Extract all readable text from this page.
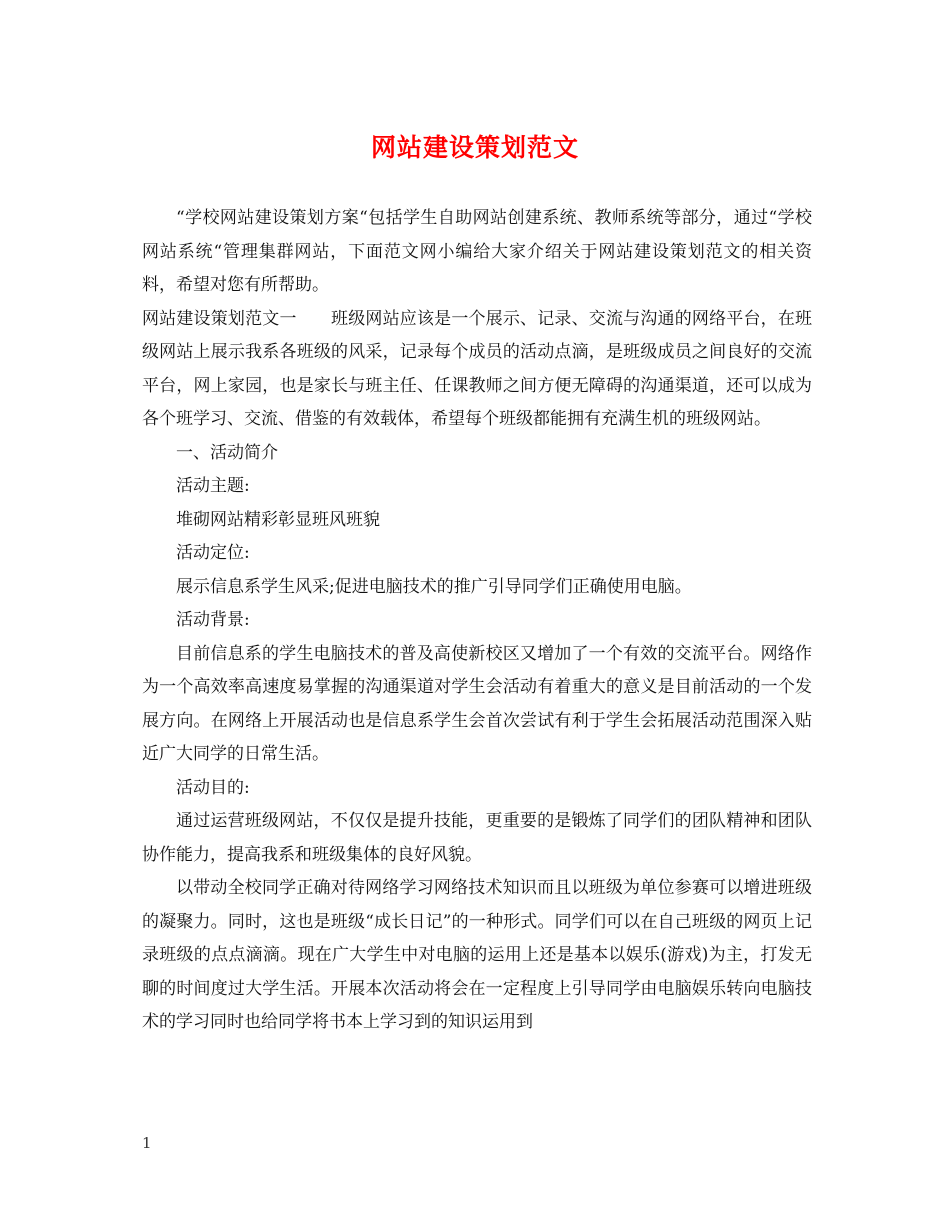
网站建设策划范文

“学校网站建设策划方案“包括学生自助网站创建系统、教师系统等部分，通过“学校网站系统“管理集群网站，下面范文网小编给大家介绍关于网站建设策划范文的相关资料，希望对您有所帮助。

网站建设策划范文一　　班级网站应该是一个展示、记录、交流与沟通的网络平台，在班级网站上展示我系各班级的风采，记录每个成员的活动点滴，是班级成员之间良好的交流平台，网上家园，也是家长与班主任、任课教师之间方便无障碍的沟通渠道，还可以成为各个班学习、交流、借鉴的有效载体，希望每个班级都能拥有充满生机的班级网站。

一、活动简介

活动主题:

堆砌网站精彩彰显班风班貌

活动定位:

展示信息系学生风采;促进电脑技术的推广引导同学们正确使用电脑。

活动背景:

目前信息系的学生电脑技术的普及高使新校区又增加了一个有效的交流平台。网络作为一个高效率高速度易掌握的沟通渠道对学生会活动有着重大的意义是目前活动的一个发展方向。在网络上开展活动也是信息系学生会首次尝试有利于学生会拓展活动范围深入贴近广大同学的日常生活。

活动目的:

通过运营班级网站，不仅仅是提升技能，更重要的是锻炼了同学们的团队精神和团队协作能力，提高我系和班级集体的良好风貌。

以带动全校同学正确对待网络学习网络技术知识而且以班级为单位参赛可以增进班级的凝聚力。同时，这也是班级“成长日记”的一种形式。同学们可以在自己班级的网页上记录班级的点点滴滴。现在广大学生中对电脑的运用上还是基本以娱乐(游戏)为主，打发无聊的时间度过大学生活。开展本次活动将会在一定程度上引导同学由电脑娱乐转向电脑技术的学习同时也给同学将书本上学习到的知识运用到

1
